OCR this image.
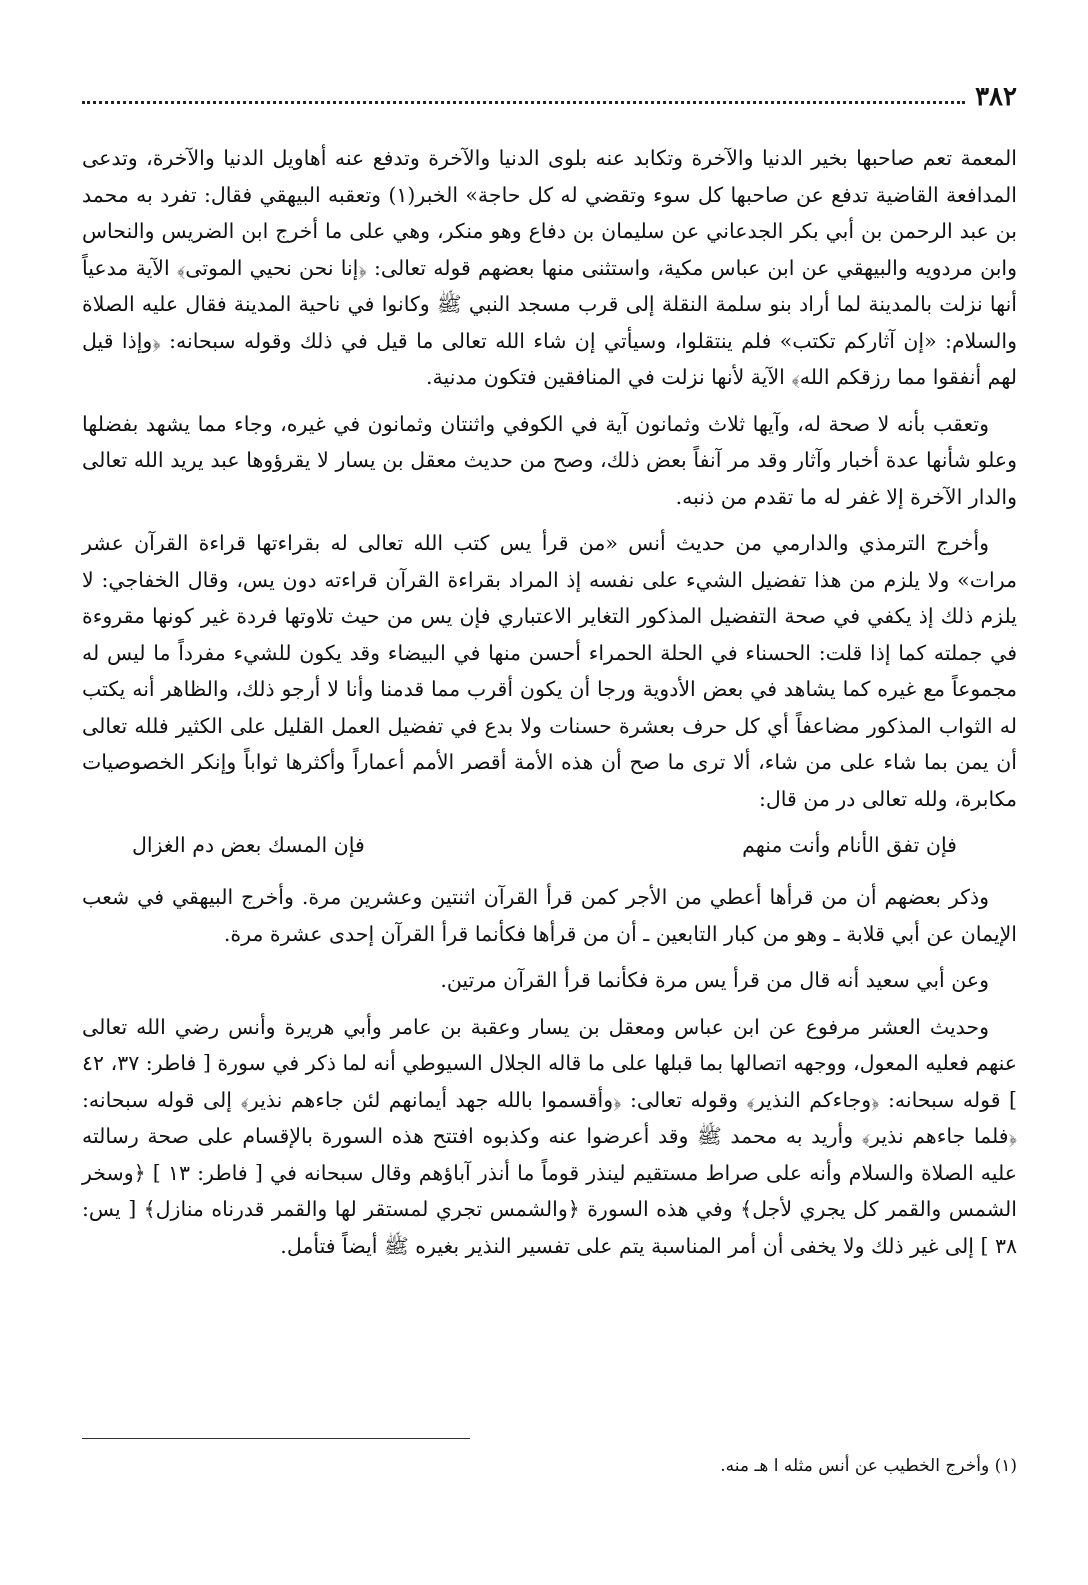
٣٨٢

المعمة تعم صاحبها بخير الدنيا والآخرة وتكابد عنه بلوى الدنيا والآخرة وتدفع عنه أهاويل الدنيا والآخرة، وتدعى المدافعة القاضية تدفع عن صاحبها كل سوء وتقضي له كل حاجة» الخبر(١) وتعقبه البيهقي فقال: تفرد به محمد بن عبد الرحمن بن أبي بكر الجدعاني عن سليمان بن دفاع وهو منكر، وهي على ما أخرج ابن الضريس والنحاس وابن مردويه والبيهقي عن ابن عباس مكية، واستثنى منها بعضهم قوله تعالى: ﴿إنا نحن نحيي الموتى﴾ الآية مدعياً أنها نزلت بالمدينة لما أراد بنو سلمة النقلة إلى قرب مسجد النبي ﷺ وكانوا في ناحية المدينة فقال عليه الصلاة والسلام: «إن آثاركم تكتب» فلم ينتقلوا، وسيأتي إن شاء الله تعالى ما قيل في ذلك وقوله سبحانه: ﴿وإذا قيل لهم أنفقوا مما رزقكم الله﴾ الآية لأنها نزلت في المنافقين فتكون مدنية.

وتعقب بأنه لا صحة له، وآيها ثلاث وثمانون آية في الكوفي واثنتان وثمانون في غيره، وجاء مما يشهد بفضلها وعلو شأنها عدة أخبار وآثار وقد مر آنفاً بعض ذلك، وصح من حديث معقل بن يسار لا يقرؤوها عبد يريد الله تعالى والدار الآخرة إلا غفر له ما تقدم من ذنبه.

وأخرج الترمذي والدارمي من حديث أنس «من قرأ يس كتب الله تعالى له بقراءتها قراءة القرآن عشر مرات» ولا يلزم من هذا تفضيل الشيء على نفسه إذ المراد بقراءة القرآن قراءته دون يس، وقال الخفاجي: لا يلزم ذلك إذ يكفي في صحة التفضيل المذكور التغاير الاعتباري فإن يس من حيث تلاوتها فردة غير كونها مقروءة في جملته كما إذا قلت: الحسناء في الحلة الحمراء أحسن منها في البيضاء وقد يكون للشيء مفرداً ما ليس له مجموعاً مع غيره كما يشاهد في بعض الأدوية ورجا أن يكون أقرب مما قدمنا وأنا لا أرجو ذلك، والظاهر أنه يكتب له الثواب المذكور مضاعفاً أي كل حرف بعشرة حسنات ولا بدع في تفضيل العمل القليل على الكثير فلله تعالى أن يمن بما شاء على من شاء، ألا ترى ما صح أن هذه الأمة أقصر الأمم أعماراً وأكثرها ثواباً وإنكر الخصوصيات مكابرة، ولله تعالى در من قال:

فإن تفق الأنام وأنت منهم
فإن المسك بعض دم الغزال

وذكر بعضهم أن من قرأها أعطي من الأجر كمن قرأ القرآن اثنتين وعشرين مرة. وأخرج البيهقي في شعب الإيمان عن أبي قلابة ـ وهو من كبار التابعين ـ أن من قرأها فكأنما قرأ القرآن إحدى عشرة مرة.

وعن أبي سعيد أنه قال من قرأ يس مرة فكأنما قرأ القرآن مرتين.

وحديث العشر مرفوع عن ابن عباس ومعقل بن يسار وعقبة بن عامر وأبي هريرة وأنس رضي الله تعالى عنهم فعليه المعول، ووجهه اتصالها بما قبلها على ما قاله الجلال السيوطي أنه لما ذكر في سورة [ فاطر: ٣٧، ٤٢ ] قوله سبحانه: ﴿وجاءكم النذير﴾ وقوله تعالى: ﴿وأقسموا بالله جهد أيمانهم لئن جاءهم نذير﴾ إلى قوله سبحانه: ﴿فلما جاءهم نذير﴾ وأريد به محمد ﷺ وقد أعرضوا عنه وكذبوه افتتح هذه السورة بالإقسام على صحة رسالته عليه الصلاة والسلام وأنه على صراط مستقيم لينذر قوماً ما أنذر آباؤهم وقال سبحانه في [ فاطر: ١٣ ] ﴿وسخر الشمس والقمر كل يجري لأجل﴾ وفي هذه السورة ﴿والشمس تجري لمستقر لها والقمر قدرناه منازل﴾ [ يس: ٣٨ ] إلى غير ذلك ولا يخفى أن أمر المناسبة يتم على تفسير النذير بغيره ﷺ أيضاً فتأمل.

(١) وأخرج الخطيب عن أنس مثله ا هـ منه.
